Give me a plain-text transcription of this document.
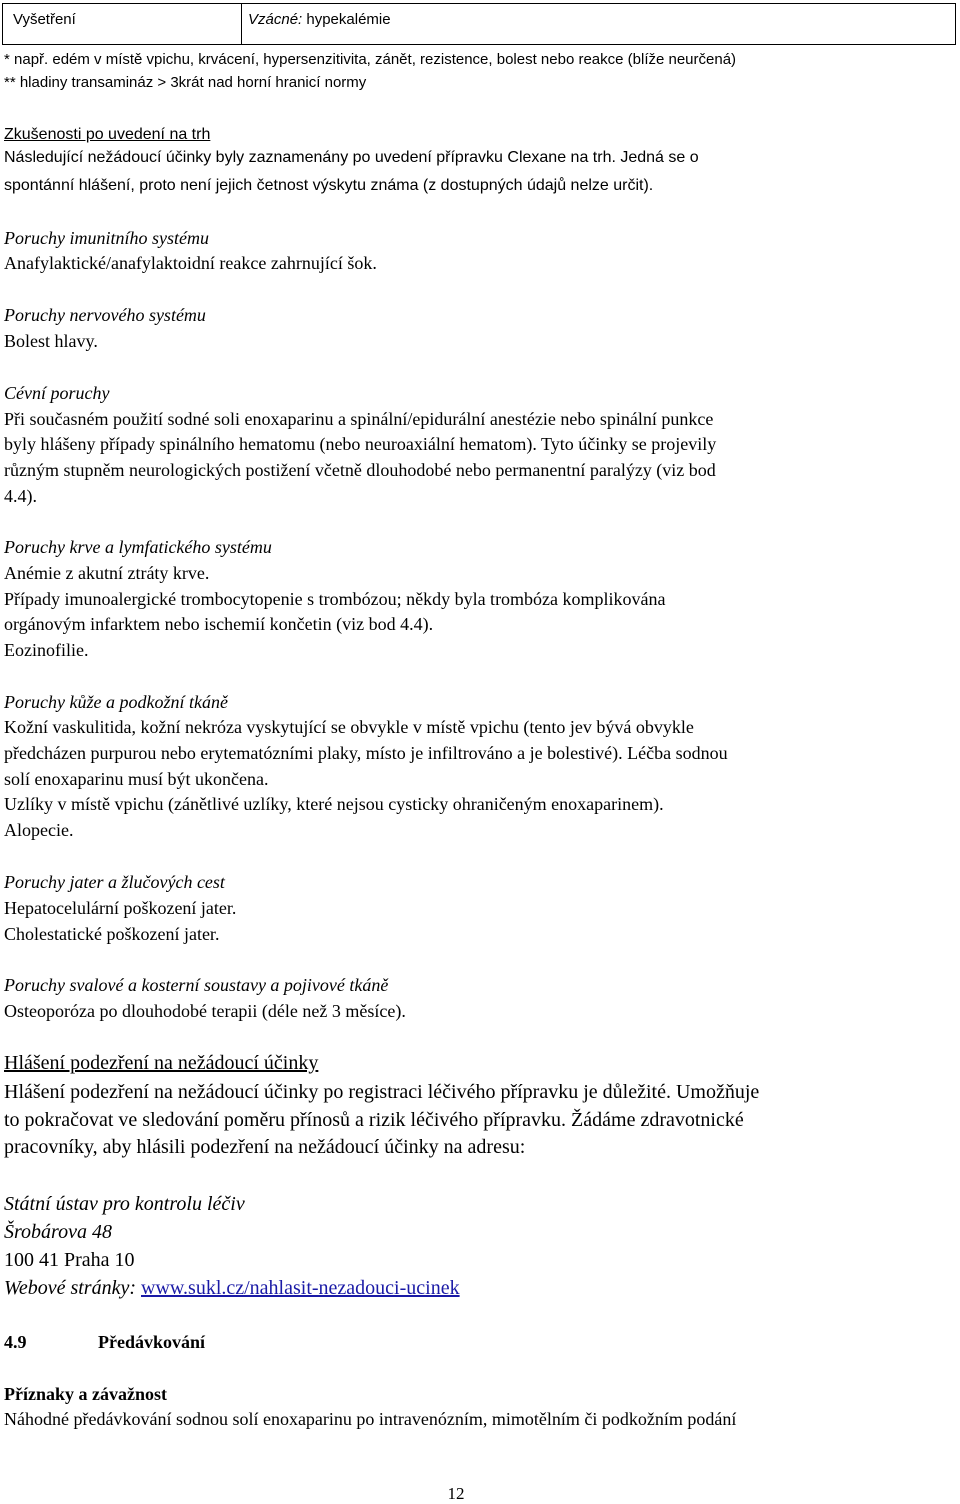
Vyšetření	Vzácné: hypekalémie
* např. edém v místě vpichu, krvácení, hypersenzitivita, zánět, rezistence, bolest nebo reakce (blíže neurčená)
** hladiny transamináz > 3krát nad horní hranicí normy
Zkušenosti po uvedení na trh
Následující nežádoucí účinky byly zaznamenány po uvedení přípravku Clexane na trh. Jedná se o
spontánní hlášení, proto není jejich četnost výskytu známa (z dostupných údajů nelze určit).
Poruchy imunitního systému
Anafylaktické/anafylaktoidní reakce zahrnující šok.
Poruchy nervového systému
Bolest hlavy.
Cévní poruchy
Při současném použití sodné soli enoxaparinu a spinální/epidurální anestézie nebo spinální punkce
byly hlášeny případy spinálního hematomu (nebo neuroaxiální hematom). Tyto účinky se projevily
různým stupněm neurologických postižení včetně dlouhodobé nebo permanentní paralýzy (viz bod
4.4).
Poruchy krve a lymfatického systému
Anémie z akutní ztráty krve.
Případy imunoalergické trombocytopenie s trombózou; někdy byla trombóza komplikována
orgánovým infarktem nebo ischemií končetin (viz bod 4.4).
Eozinofilie.
Poruchy kůže a podkožní tkáně
Kožní vaskulitida, kožní nekróza vyskytující se obvykle v místě vpichu (tento jev bývá obvykle
předcházen purpurou nebo erytematózními plaky, místo je infiltrováno a je bolestivé). Léčba sodnou
solí enoxaparinu musí být ukončena.
Uzlíky v místě vpichu (zánětlivé uzlíky, které nejsou cysticky ohraničeným enoxaparinem).
Alopecie.
Poruchy jater a žlučových cest
Hepatocelulární poškození jater.
Cholestatické poškození jater.
Poruchy svalové a kosterní soustavy a pojivové tkáně
Osteoporóza po dlouhodobé terapii (déle než 3 měsíce).
Hlášení podezření na nežádoucí účinky
Hlášení podezření na nežádoucí účinky po registraci léčivého přípravku je důležité. Umožňuje
to pokračovat ve sledování poměru přínosů a rizik léčivého přípravku. Žádáme zdravotnické
pracovníky, aby hlásili podezření na nežádoucí účinky na adresu:
Státní ústav pro kontrolu léčiv
Šrobárova 48
100 41 Praha 10
Webové stránky: www.sukl.cz/nahlasit-nezadouci-ucinek
4.9	Předávkování
Příznaky a závažnost
Náhodné předávkování sodnou solí enoxaparinu po intravenózním, mimotělním či podkožním podání
12
